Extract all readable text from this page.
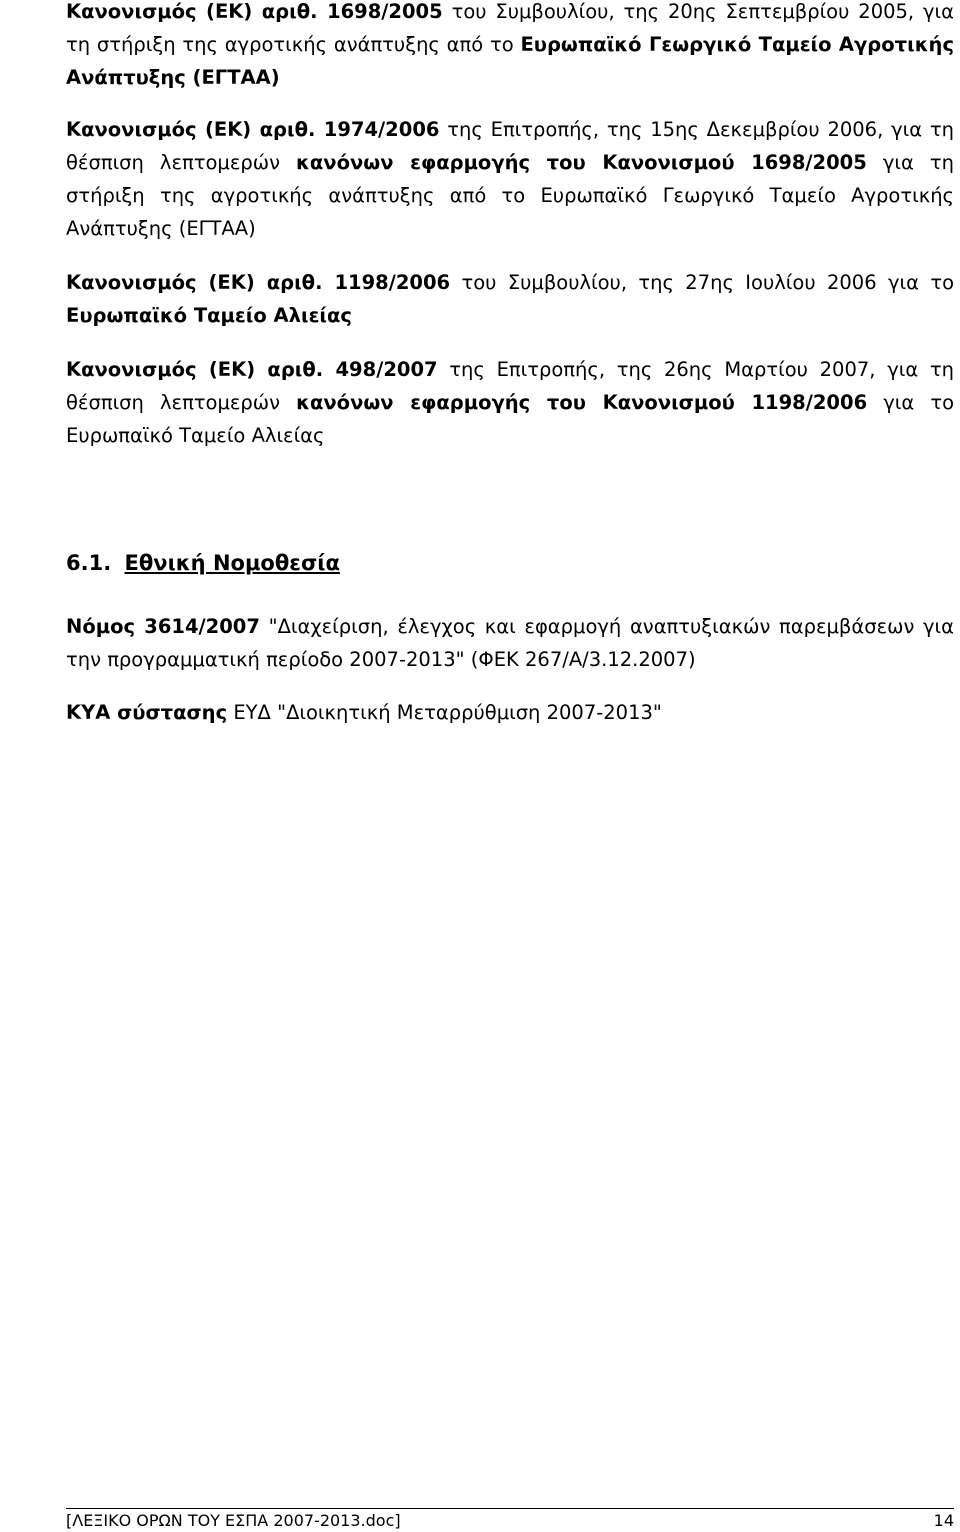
Κανονισμός (ΕΚ) αριθ. 1698/2005 του Συμβουλίου, της 20ης Σεπτεμβρίου 2005, για τη στήριξη της αγροτικής ανάπτυξης από το Ευρωπαϊκό Γεωργικό Ταμείο Αγροτικής Ανάπτυξης (ΕΓΤΑΑ)

Κανονισμός (ΕΚ) αριθ. 1974/2006 της Επιτροπής, της 15ης Δεκεμβρίου 2006, για τη θέσπιση λεπτομερών κανόνων εφαρμογής του Κανονισμού 1698/2005 για τη στήριξη της αγροτικής ανάπτυξης από το Ευρωπαϊκό Γεωργικό Ταμείο Αγροτικής Ανάπτυξης (ΕΓΤΑΑ)

Κανονισμός (ΕΚ) αριθ. 1198/2006 του Συμβουλίου, της 27ης Ιουλίου 2006 για το Ευρωπαϊκό Ταμείο Αλιείας

Κανονισμός (ΕΚ) αριθ. 498/2007 της Επιτροπής, της 26ης Μαρτίου 2007, για τη θέσπιση λεπτομερών κανόνων εφαρμογής του Κανονισμού 1198/2006 για το Ευρωπαϊκό Ταμείο Αλιείας

6.1. Εθνική Νομοθεσία

Νόμος 3614/2007 "Διαχείριση, έλεγχος και εφαρμογή αναπτυξιακών παρεμβάσεων για την προγραμματική περίοδο 2007-2013" (ΦΕΚ 267/Α/3.12.2007)

ΚΥΑ σύστασης ΕΥΔ "Διοικητική Μεταρρύθμιση 2007-2013"

[ΛΕΞΙΚΟ ΟΡΩΝ ΤΟΥ ΕΣΠΑ 2007-2013.doc]	14
